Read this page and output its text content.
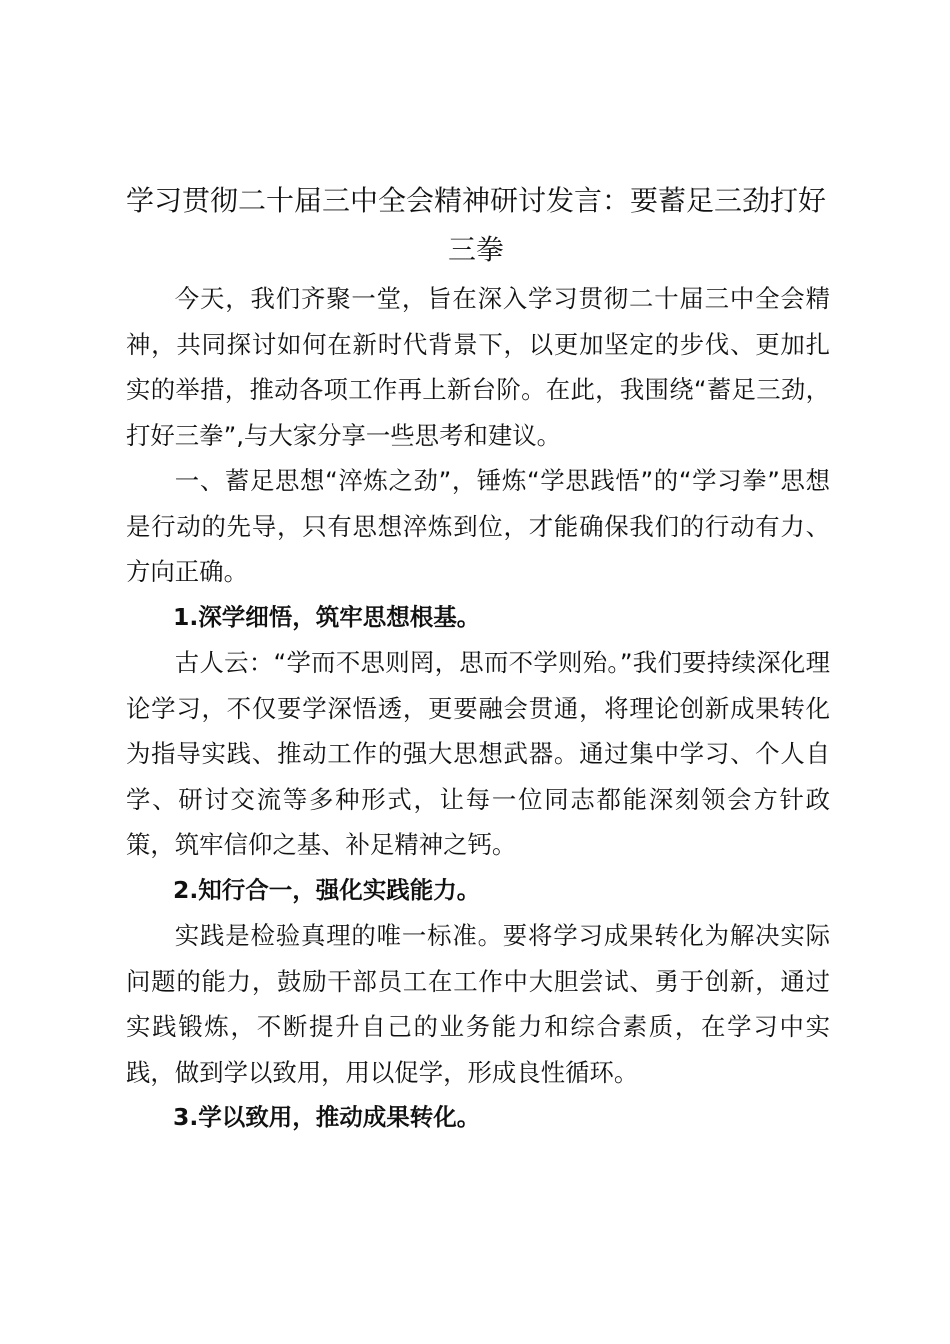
学习贯彻二十届三中全会精神研讨发言：要蓄足三劲打好三拳

今天，我们齐聚一堂，旨在深入学习贯彻二十届三中全会精神，共同探讨如何在新时代背景下，以更加坚定的步伐、更加扎实的举措，推动各项工作再上新台阶。在此，我围绕“蓄足三劲，打好三拳”,与大家分享一些思考和建议。

一、蓄足思想“淬炼之劲”，锤炼“学思践悟”的“学习拳”思想是行动的先导，只有思想淬炼到位，才能确保我们的行动有力、方向正确。

1.深学细悟，筑牢思想根基。

古人云：“学而不思则罔，思而不学则殆。”我们要持续深化理论学习，不仅要学深悟透，更要融会贯通，将理论创新成果转化为指导实践、推动工作的强大思想武器。通过集中学习、个人自学、研讨交流等多种形式，让每一位同志都能深刻领会方针政策，筑牢信仰之基、补足精神之钙。

2.知行合一，强化实践能力。

实践是检验真理的唯一标准。要将学习成果转化为解决实际问题的能力，鼓励干部员工在工作中大胆尝试、勇于创新，通过实践锻炼，不断提升自己的业务能力和综合素质，在学习中实践，做到学以致用，用以促学，形成良性循环。

3.学以致用，推动成果转化。
